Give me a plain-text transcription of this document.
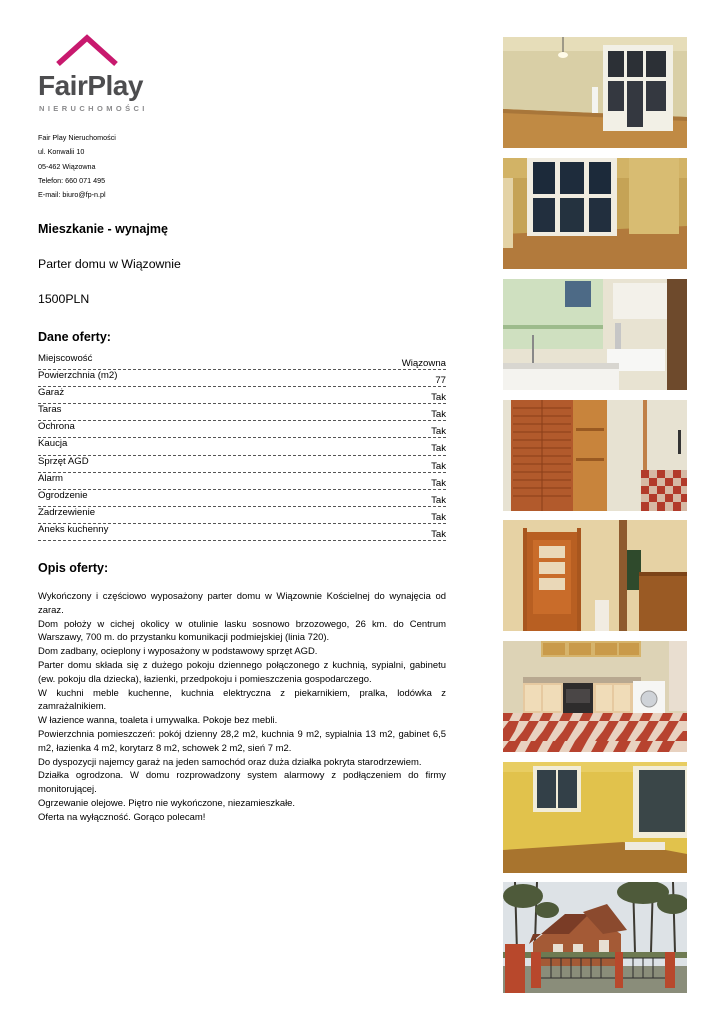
FairPlay
NIERUCHOMOŚCI
Fair Play Nieruchomości
ul. Konwalii 10
05-462 Wiązowna
Telefon: 660 071 495
E-mail: biuro@fp-n.pl
Mieszkanie - wynajmę
Parter domu w Wiązownie
1500PLN
Dane oferty:
Miejscowość	Wiązowna
Powierzchnia (m2)	77
Garaż	Tak
Taras	Tak
Ochrona	Tak
Kaucja	Tak
Sprzęt AGD	Tak
Alarm	Tak
Ogrodzenie	Tak
Zadrzewienie	Tak
Aneks kuchenny	Tak
Opis oferty:

Wykończony i częściowo wyposażony parter domu w Wiązownie Kościelnej do wynajęcia od zaraz.

Dom położy w cichej okolicy w otulinie lasku sosnowo brzozowego, 26 km. do Centrum Warszawy, 700 m. do przystanku komunikacji podmiejskiej (linia 720).

Dom zadbany, ocieplony i wyposażony w podstawowy sprzęt AGD.

Parter domu składa się z dużego pokoju dziennego połączonego z kuchnią, sypialni, gabinetu (ew. pokoju dla dziecka), łazienki, przedpokoju i pomieszczenia gospodarczego.

W kuchni meble kuchenne, kuchnia elektryczna z piekarnikiem, pralka, lodówka z zamrażalnikiem.

W łazience wanna, toaleta i umywalka. Pokoje bez mebli.

Powierzchnia pomieszczeń: pokój dzienny 28,2 m2, kuchnia 9 m2, sypialnia 13 m2, gabinet 6,5 m2, łazienka 4 m2, korytarz 8 m2, schowek 2 m2, sień 7 m2.

Do dyspozycji najemcy garaż na jeden samochód oraz duża działka pokryta starodrzewiem.

Działka ogrodzona. W domu rozprowadzony system alarmowy z podłączeniem do firmy monitorującej.

Ogrzewanie olejowe. Piętro nie wykończone, niezamieszkałe.

Oferta na wyłączność. Gorąco polecam!
